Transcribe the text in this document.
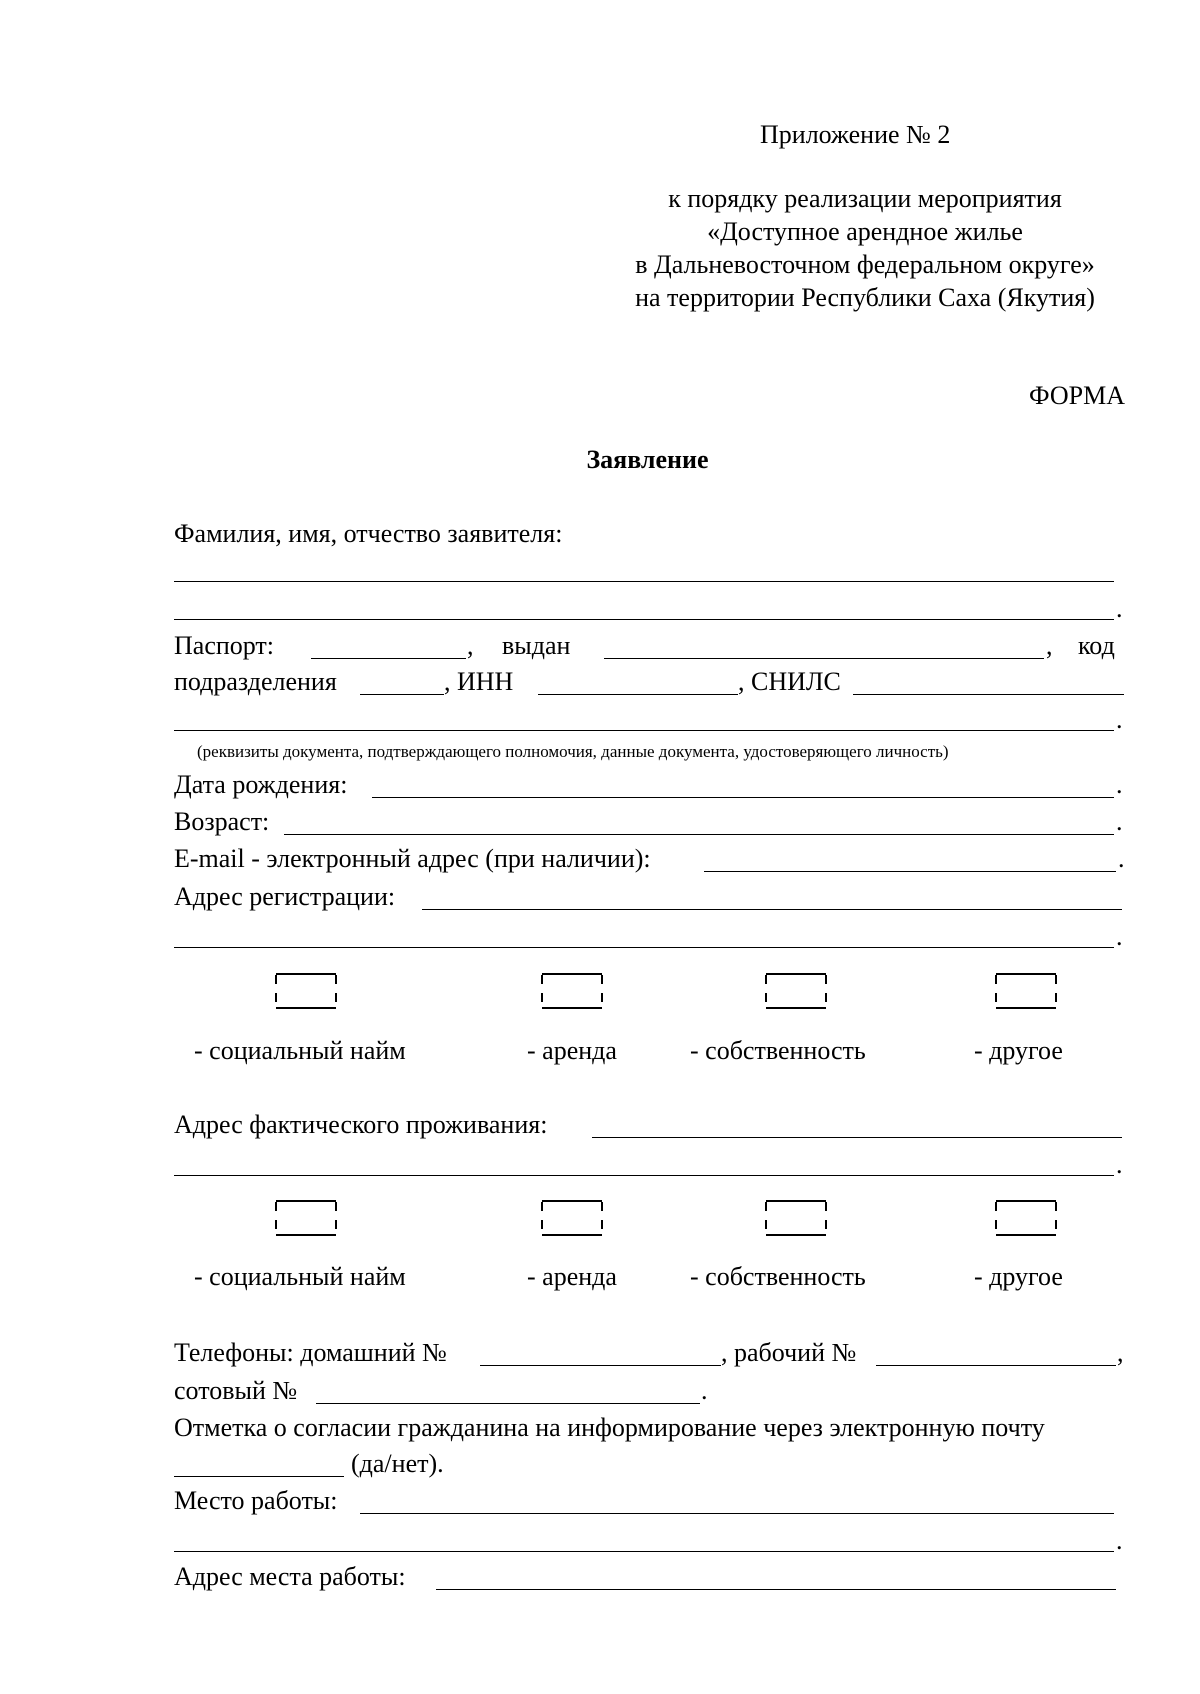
Приложение № 2
к порядку реализации мероприятия
«Доступное арендное жилье
в Дальневосточном федеральном округе»
на территории Республики Саха (Якутия)
ФОРМА
Заявление
Фамилия, имя, отчество заявителя:
.
Паспорт:	, выдан	, код
подразделения	, ИНН	, СНИЛС
.
(реквизиты документа, подтверждающего полномочия, данные документа, удостоверяющего личность)
Дата рождения:	.
Возраст:	.
E-mail - электронный адрес (при наличии):	.
Адрес регистрации:
.
- социальный найм	- аренда	- собственность	- другое
Адрес фактического проживания:
.
- социальный найм	- аренда	- собственность	- другое
Телефоны: домашний №	, рабочий №	,
сотовый №	.
Отметка о согласии гражданина на информирование через электронную почту
(да/нет).
Место работы:
.
Адрес места работы:
